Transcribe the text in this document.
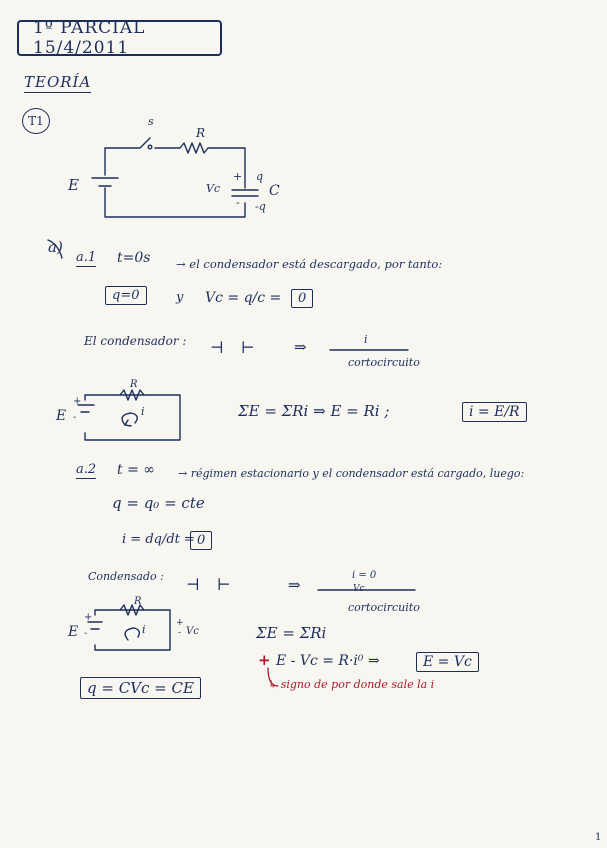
1º PARCIAL 15/4/2011
TEORÍA
T1	s
R
E	Vc
+ q
C
- -q
a)
a.1 t=0s → el condensador está descargado, por tanto:
q=0	y Vc = q/c =	0
El condensador : ⊣ ⊢ ⇒	i
cortocircuito
E
+
-
R
i	ΣE = ΣRi ⇒ E = Ri ;	i = E/R
a.2 t = ∞ → régimen estacionario y el condensador está cargado, luego:
q = q₀ = cte
i = dq/dt = 0
Condensado : ⊣ ⊢	⇒
i = 0
Vc
cortocircuito
E
+
-
R
i	+
- Vc	ΣE = ΣRi
+ E - Vc = R·i⁰ ⇒	E = Vc
↳ signo de por donde sale la i
q = CVc = CE
1
